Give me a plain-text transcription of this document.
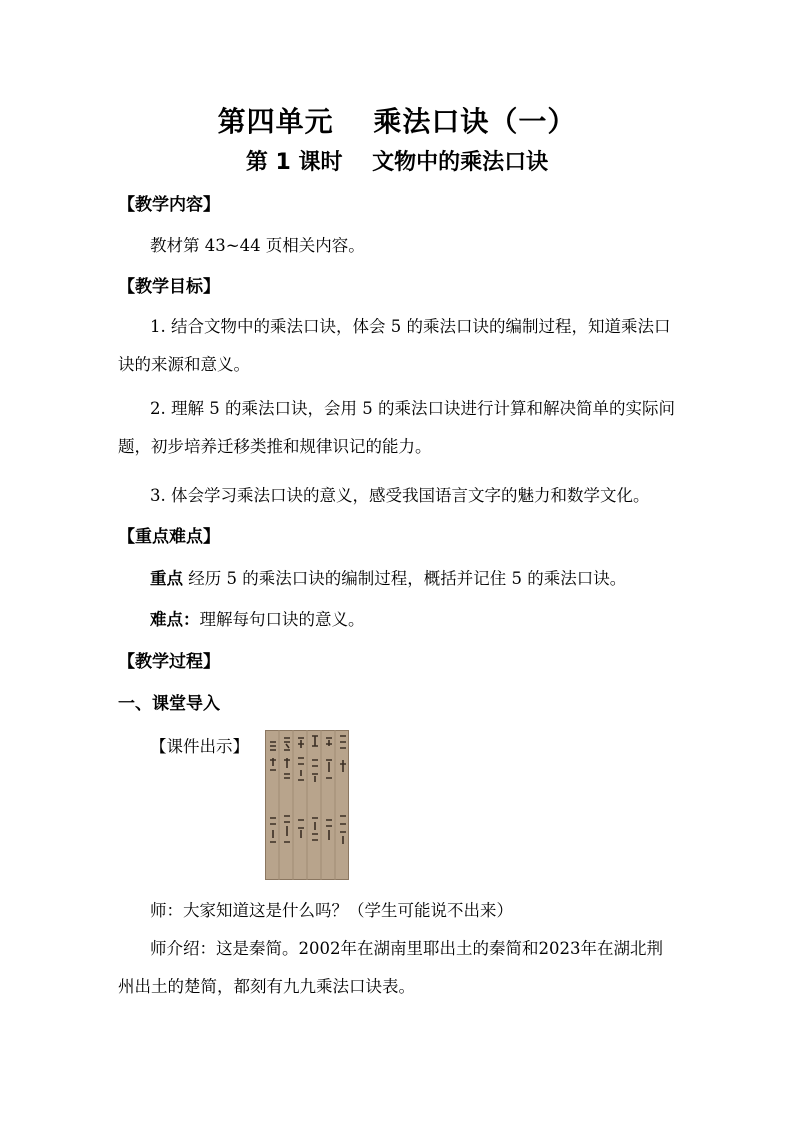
第四单元　 乘法口诀（一）
第 1 课时　 文物中的乘法口诀
【教学内容】
教材第 43~44 页相关内容。
【教学目标】
1. 结合文物中的乘法口诀，体会 5 的乘法口诀的编制过程，知道乘法口诀的来源和意义。
2. 理解 5 的乘法口诀，会用 5 的乘法口诀进行计算和解决简单的实际问题，初步培养迁移类推和规律识记的能力。
3. 体会学习乘法口诀的意义，感受我国语言文字的魅力和数学文化。
【重点难点】
重点 经历 5 的乘法口诀的编制过程，概括并记住 5 的乘法口诀。
难点：理解每句口诀的意义。
【教学过程】
一、课堂导入
【课件出示】
师：大家知道这是什么吗？（学生可能说不出来）
师介绍：这是秦简。2002年在湖南里耶出土的秦简和2023年在湖北荆州出土的楚简，都刻有九九乘法口诀表。
